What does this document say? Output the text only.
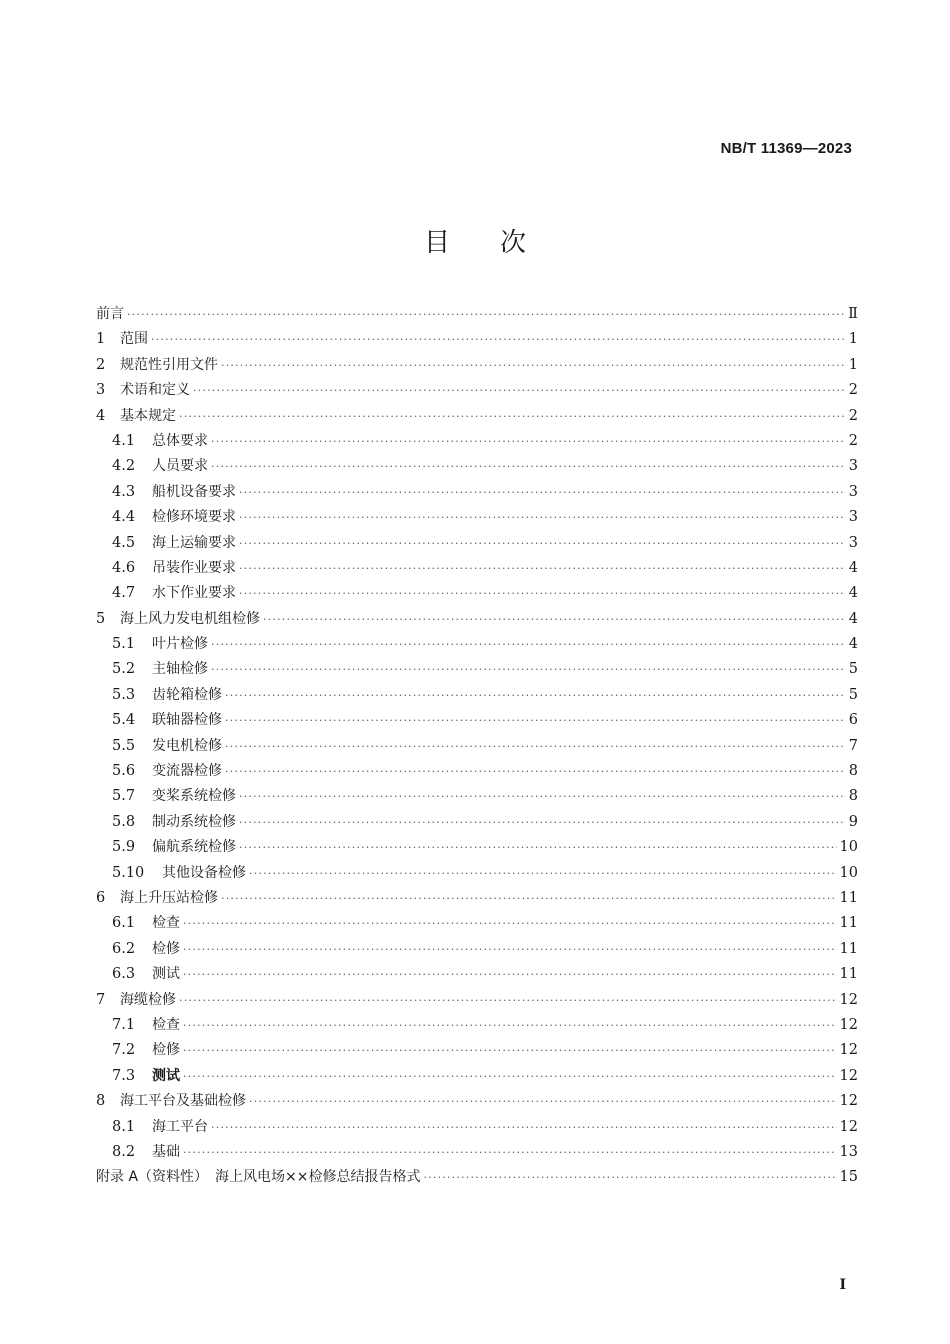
NB/T 11369—2023
目次
前言 ·····	Ⅱ
1	范围 ·····	1
2	规范性引用文件 ·····	1
3	术语和定义 ·····	2
4	基本规定 ·····	2
4.1	总体要求 ·····	2
4.2	人员要求 ·····	3
4.3	船机设备要求 ·····	3
4.4	检修环境要求 ·····	3
4.5	海上运输要求 ·····	3
4.6	吊装作业要求 ·····	4
4.7	水下作业要求 ·····	4
5	海上风力发电机组检修 ·····	4
5.1	叶片检修 ·····	4
5.2	主轴检修 ·····	5
5.3	齿轮箱检修 ·····	5
5.4	联轴器检修 ·····	6
5.5	发电机检修 ·····	7
5.6	变流器检修 ·····	8
5.7	变桨系统检修 ·····	8
5.8	制动系统检修 ·····	9
5.9	偏航系统检修 ·····	10
5.10	其他设备检修 ·····	10
6	海上升压站检修 ·····	11
6.1	检查 ·····	11
6.2	检修 ·····	11
6.3	测试 ·····	11
7	海缆检修 ·····	12
7.1	检查 ·····	12
7.2	检修 ·····	12
7.3	测试 ·····	12
8	海工平台及基础检修 ·····	12
8.1	海工平台 ·····	12
8.2	基础 ·····	13
附录 A（资料性）　海上风电场××检修总结报告格式 ·····	15
I
